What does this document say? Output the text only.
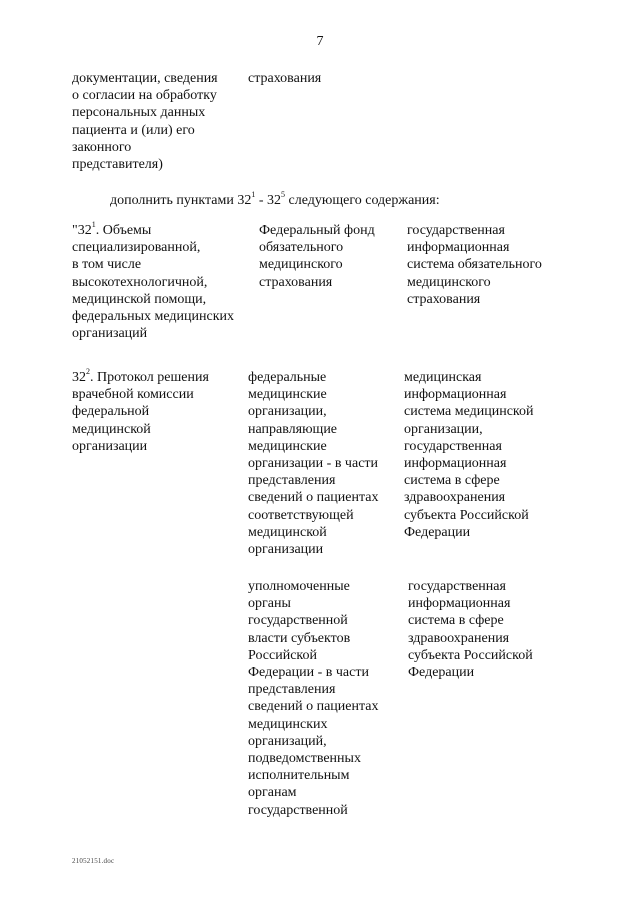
7
документации, сведения
о согласии на обработку
персональных данных
пациента и (или) его
законного
представителя)
страхования
дополнить пунктами $32^1 - 32^5$ следующего содержания:
"$32^1$. Объемы
специализированной,
в том числе
высокотехнологичной,
медицинской помощи,
федеральных медицинских
организаций
Федеральный фонд
обязательного
медицинского
страхования
государственная
информационная
система обязательного
медицинского
страхования
$32^2$. Протокол решения
врачебной комиссии
федеральной
медицинской
организации
федеральные
медицинские
организации,
направляющие
медицинские
организации - в части
представления
сведений о пациентах
соответствующей
медицинской
организации
медицинская
информационная
система медицинской
организации,
государственная
информационная
система в сфере
здравоохранения
субъекта Российской
Федерации
уполномоченные
органы
государственной
власти субъектов
Российской
Федерации - в части
представления
сведений о пациентах
медицинских
организаций,
подведомственных
исполнительным
органам
государственной
государственная
информационная
система в сфере
здравоохранения
субъекта Российской
Федерации
21052151.doc
